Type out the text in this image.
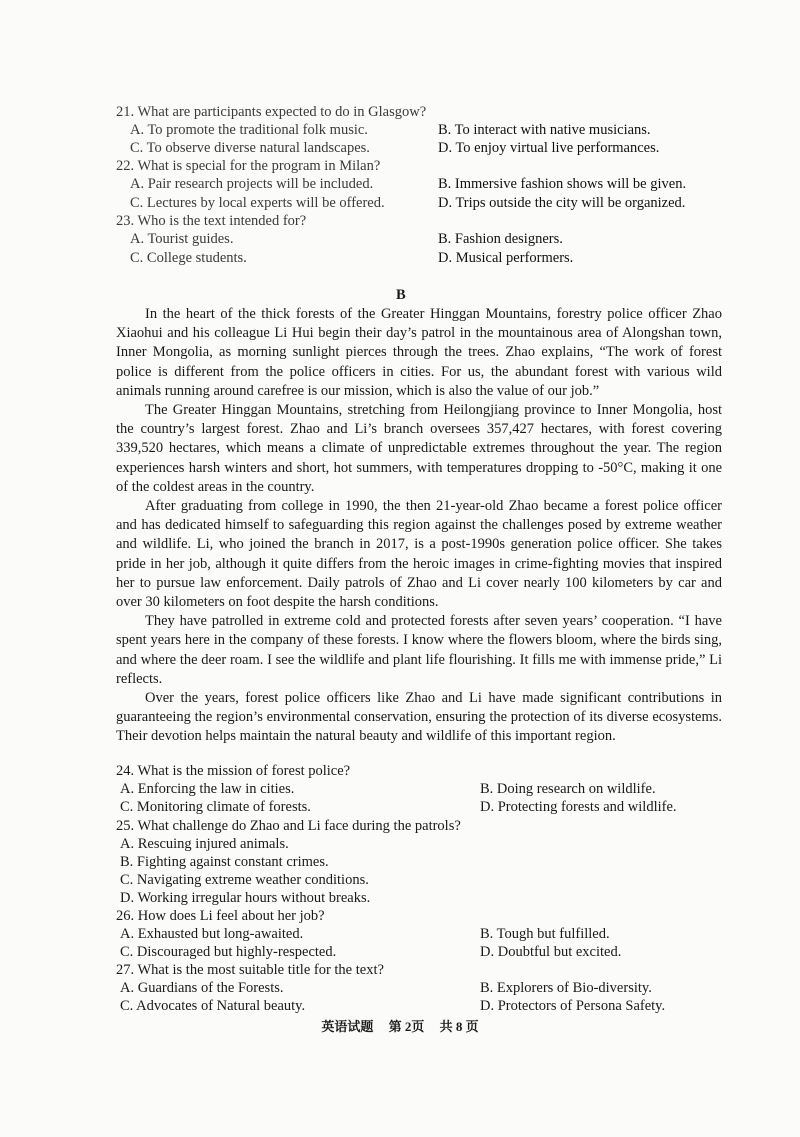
21. What are participants expected to do in Glasgow?
A. To promote the traditional folk music.	B. To interact with native musicians.
C. To observe diverse natural landscapes.	D. To enjoy virtual live performances.
22. What is special for the program in Milan?
A. Pair research projects will be included.	B. Immersive fashion shows will be given.
C. Lectures by local experts will be offered.	D. Trips outside the city will be organized.
23. Who is the text intended for?
A. Tourist guides.	B. Fashion designers.
C. College students.	D. Musical performers.
B

In the heart of the thick forests of the Greater Hinggan Mountains, forestry police officer Zhao Xiaohui and his colleague Li Hui begin their day’s patrol in the mountainous area of Alongshan town, Inner Mongolia, as morning sunlight pierces through the trees. Zhao explains, “The work of forest police is different from the police officers in cities. For us, the abundant forest with various wild animals running around carefree is our mission, which is also the value of our job.”

The Greater Hinggan Mountains, stretching from Heilongjiang province to Inner Mongolia, host the country’s largest forest. Zhao and Li’s branch oversees 357,427 hectares, with forest covering 339,520 hectares, which means a climate of unpredictable extremes throughout the year. The region experiences harsh winters and short, hot summers, with temperatures dropping to -50°C, making it one of the coldest areas in the country.

After graduating from college in 1990, the then 21-year-old Zhao became a forest police officer and has dedicated himself to safeguarding this region against the challenges posed by extreme weather and wildlife. Li, who joined the branch in 2017, is a post-1990s generation police officer. She takes pride in her job, although it quite differs from the heroic images in crime-fighting movies that inspired her to pursue law enforcement. Daily patrols of Zhao and Li cover nearly 100 kilometers by car and over 30 kilometers on foot despite the harsh conditions.

They have patrolled in extreme cold and protected forests after seven years’ cooperation. “I have spent years here in the company of these forests. I know where the flowers bloom, where the birds sing, and where the deer roam. I see the wildlife and plant life flourishing. It fills me with immense pride,” Li reflects.

Over the years, forest police officers like Zhao and Li have made significant contributions in guaranteeing the region’s environmental conservation, ensuring the protection of its diverse ecosystems. Their devotion helps maintain the natural beauty and wildlife of this important region.

24. What is the mission of forest police?
A. Enforcing the law in cities.	B. Doing research on wildlife.
C. Monitoring climate of forests.	D. Protecting forests and wildlife.
25. What challenge do Zhao and Li face during the patrols?
A. Rescuing injured animals.
B. Fighting against constant crimes.
C. Navigating extreme weather conditions.
D. Working irregular hours without breaks.
26. How does Li feel about her job?
A. Exhausted but long-awaited.	B. Tough but fulfilled.
C. Discouraged but highly-respected.	D. Doubtful but excited.
27. What is the most suitable title for the text?
A. Guardians of the Forests.	B. Explorers of Bio-diversity.
C. Advocates of Natural beauty.	D. Protectors of Persona Safety.
英语试题 第 2页 共 8 页
